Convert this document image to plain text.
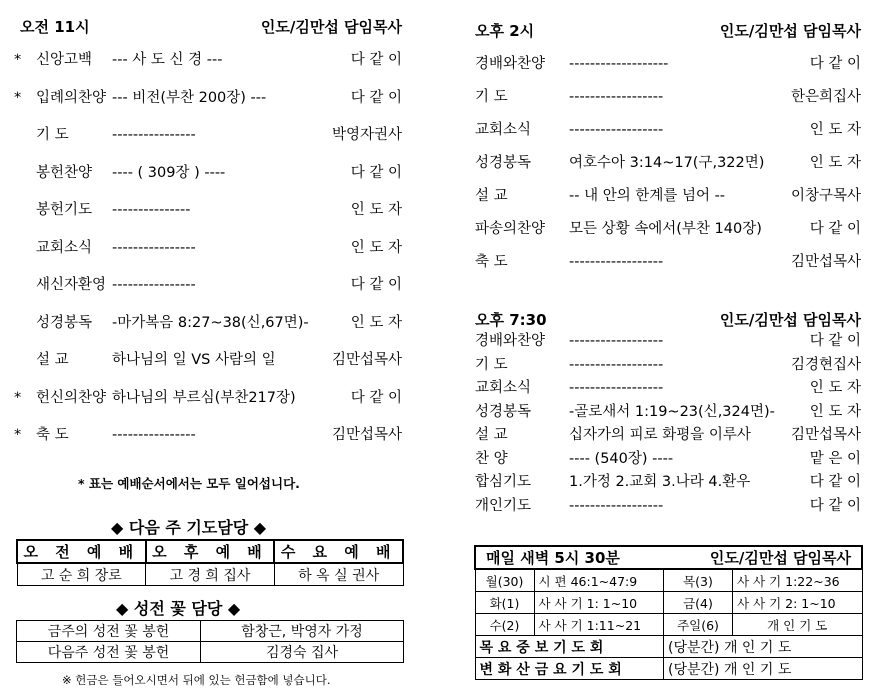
오전 11시	인도/김만섭 담임목사
*	신앙고백 --- 사 도 신 경 ---	다 같 이
*	입례의찬양 --- 비전(부찬 200장) ---	다 같 이
기 도	----------------	박영자권사
봉헌찬양 ---- ( 309장 ) ----	다 같 이
봉헌기도 ---------------	인 도 자
교회소식 ----------------	인 도 자
새신자환영 ----------------	다 같 이
성경봉독 -마가복음 8:27~38(신,67면)-	인 도 자
설 교	하나님의 일 VS 사람의 일	김만섭목사
*	헌신의찬양 하나님의 부르심(부찬217장)	다 같 이
*	축 도	----------------	김만섭목사
* 표는 예배순서에서는 모두 일어섭니다.
◆ 다음 주 기도담당 ◆
오 전 예 배	오 후 예 배	수 요 예 배
고 순 희 장로	고 경 희 집사	하 옥 실 권사
◆ 성전 꽃 담당 ◆
금주의 성전 꽃 봉헌	함창근, 박영자 가정
다음주 성전 꽃 봉헌	김경숙 집사
※ 헌금은 들어오시면서 뒤에 있는 헌금함에 넣습니다.
오후 2시	인도/김만섭 담임목사
경배와찬양 -------------------	다 같 이
기 도	------------------	한은희집사
교회소식	------------------	인 도 자
성경봉독	여호수아 3:14~17(구,322면)	인 도 자
설 교	-- 내 안의 한계를 넘어 --	이창구목사
파송의찬양 모든 상황 속에서(부찬 140장)	다 같 이
축 도	------------------	김만섭목사
오후 7:30	인도/김만섭 담임목사
경배와찬양 ------------------	다 같 이
기 도	------------------	김경현집사
교회소식	------------------	인 도 자
성경봉독	-골로새서 1:19~23(신,324면)- 인 도 자
설 교	십자가의 피로 화평을 이루사	김만섭목사
찬 양	---- (540장) ----	맡 은 이
합심기도	1.가정 2.교회 3.나라 4.환우	다 같 이
개인기도	------------------	다 같 이
매일 새벽 5시 30분 인도/김만섭 담임목사			

월(30)	시 편 46:1~47:9	목(3)	사 사 기 1:22~36
화(1)	사 사 기 1: 1~10	금(4)	사 사 기 2: 1~10
수(2)	사 사 기 1:11~21	주일(6)	개 인 기 도
목 요 중 보 기 도 회		(당분간) 개 인 기 도	
변 화 산 금 요 기 도 회		(당분간) 개 인 기 도	
